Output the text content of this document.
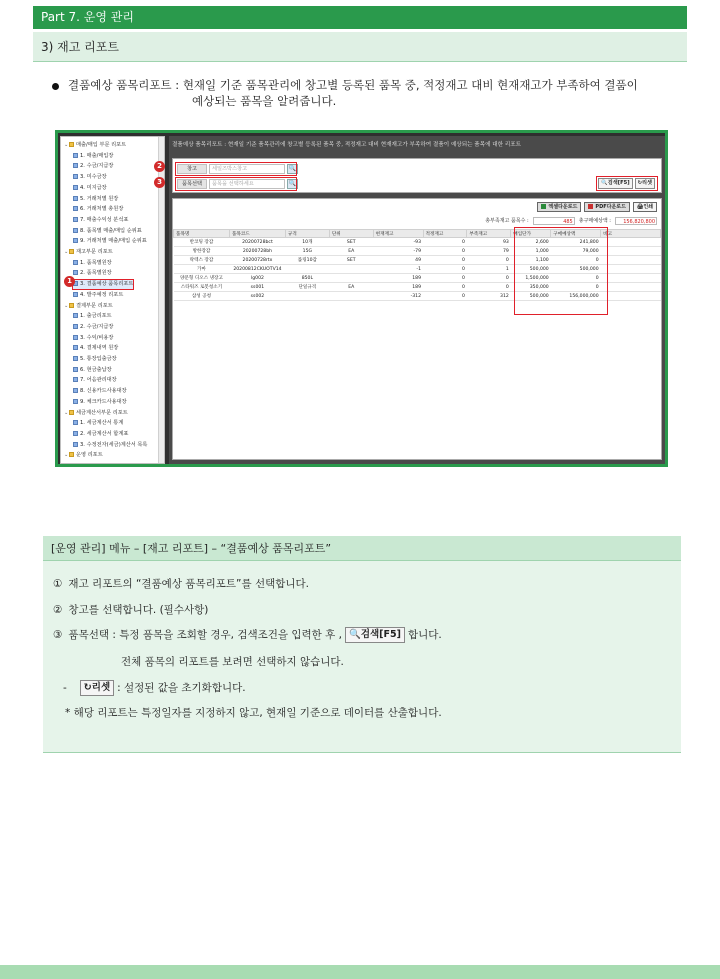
Part 7. 운영 관리
3) 재고 리포트
결품예상 품목리포트 : 현재일 기준 품목관리에 창고별 등록된 품목 중, 적정재고 대비 현재재고가 부족하여 결품이
예상되는 품목을 알려줍니다.
⌄ 매출/매입 부문 리포트
1. 매출/매입장
2. 수금/지급장
3. 미수금장
4. 미지급장
5. 거래처별 원장
6. 거래처별 총원장
7. 매출수익성 분석표
8. 품목별 매출/매입 순위표
9. 거래처별 매출/매입 순위표
⌄ 재고부문 리포트
1. 품목별원장
2. 품목별원장
3. 결품예상 품목리포트
4. 발주예정 리포트
⌄ 결제부문 리포트
1. 출금리포트
2. 수금/지급장
3. 수익/비용장
4. 결제내역 원장
5. 통장입출금장
6. 현금출납장
7. 어음관리대장
8. 신용카드사용대장
9. 체크카드사용대장
⌄ 세금계산서부문 리포트
1. 세금계산서 통계
2. 세금계산서 합계표
3. 수정전자(세금)계산서 목록
⌄ 운영 리포트
결품예상 품목리포트 : 현재일 기준 품목관리에 창고별 등록된 품목 중, 적정재고 대비 현재재고가 부족하여 결품이 예상되는 품목에 대한 리포트
창고	세일즈박스창고	🔍
품목선택	품목을 선택하세요	🔍	🔍검색[F5]	↻리셋
엑셀다운로드	PDF다운로드	🖨인쇄
총부족재고 품목수 :	485	총구매예상액 :	156,820,800
품목명	품목코드	규격	단위	현재재고	적정재고	부족재고	매입단가	구매예상액	비고
반코팅 장갑	20200728bct	10개	SET	-93	0	93	2,600	241,800	
방한장갑	20200728bh	15G	EA	-79	0	79	1,000	79,000	
락텍스 장갑	20200728rtx	롤링10갑	SET	49	0	0	1,100	0	
가마	20200812CKUOTV14			-1	0	1	500,000	500,000	
양문형 디오스 냉장고	lg002	850L		189	0	0	1,500,000	0	
스타워즈 로봇청소기	ss001	단일규격	EA	189	0	0	350,000	0	
삼성 공청	ss002			-312	0	312	500,000	156,000,000	
1
2
3
[운영 관리] 메뉴 – [재고 리포트] – “결품예상 품목리포트”
① 재고 리포트의 “결품예상 품목리포트”를 선택합니다.
② 창고를 선택합니다. (필수사항)
③ 품목선택 : 특정 품목을 조회할 경우, 검색조건을 입력한 후 , 🔍검색[F5] 합니다.
전체 품목의 리포트를 보려면 선택하지 않습니다.
- ↻리셋 : 설정된 값을 초기화합니다.
* 해당 리포트는 특정일자를 지정하지 않고, 현재일 기준으로 데이터를 산출합니다.
